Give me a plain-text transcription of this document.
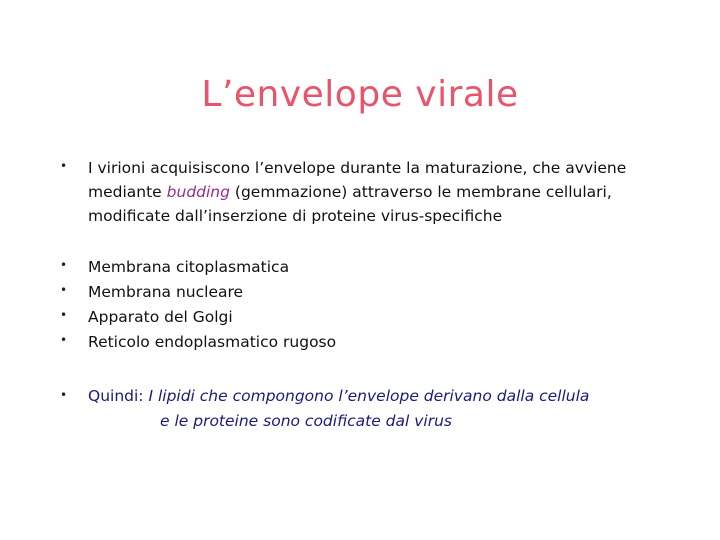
L’envelope virale
• I virioni acquisiscono l’envelope durante la maturazione, che avviene
mediante budding (gemmazione) attraverso le membrane cellulari,
modificate dall’inserzione di proteine virus-specifiche
• Membrana citoplasmatica
• Membrana nucleare
• Apparato del Golgi
• Reticolo endoplasmatico rugoso
• Quindi: I lipidi che compongono l’envelope derivano dalla cellula
e le proteine sono codificate dal virus
